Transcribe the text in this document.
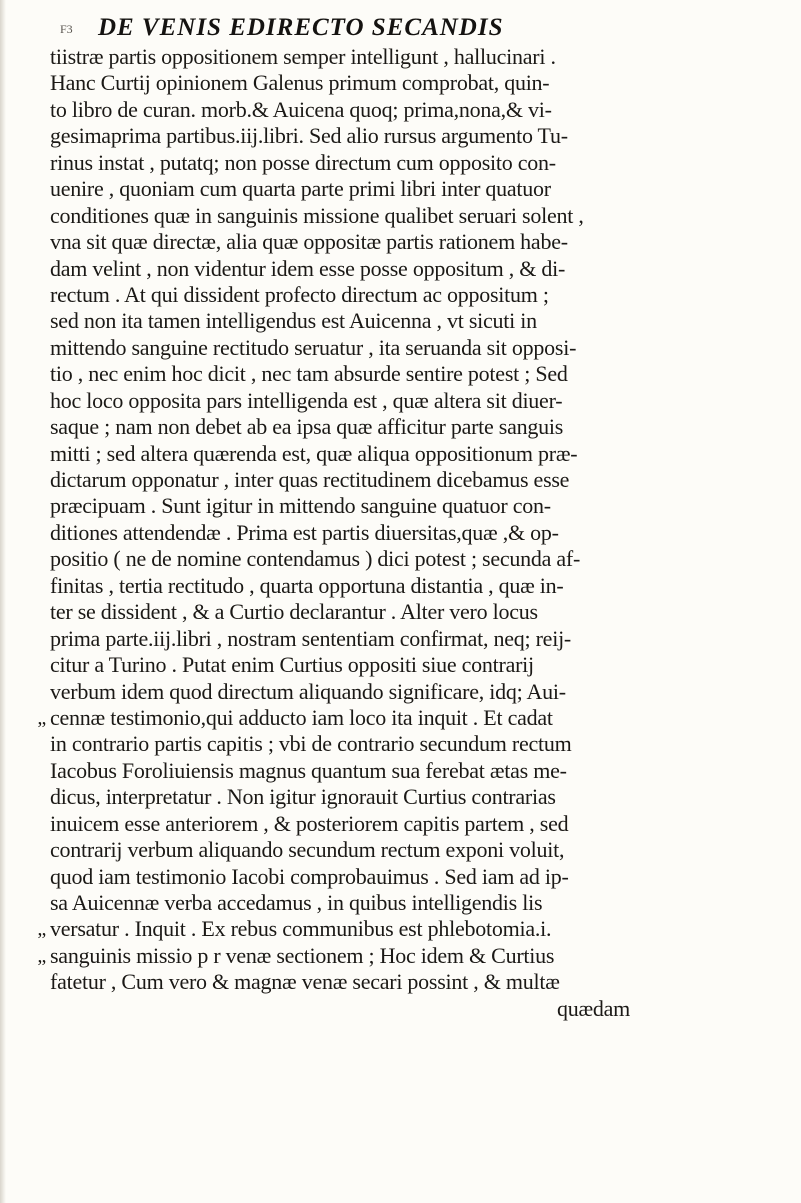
F3 DE VENIS EDIRECTO SECANDIS
tiistræ partis oppositionem semper intelligunt , hallucinari .
Hanc Curtij opinionem Galenus primum comprobat, quin-
to libro de curan. morb.& Auicena quoq; prima,nona,& vi-
gesimaprima partibus.iij.libri. Sed alio rursus argumento Tu-
rinus instat , putatq; non posse directum cum opposito con-
uenire , quoniam cum quarta parte primi libri inter quatuor
conditiones quæ in sanguinis missione qualibet seruari solent ,
vna sit quæ directæ, alia quæ oppositæ partis rationem habe-
dam velint , non videntur idem esse posse oppositum , & di-
rectum . At qui dissident profecto directum ac oppositum ;
sed non ita tamen intelligendus est Auicenna , vt sicuti in
mittendo sanguine rectitudo seruatur , ita seruanda sit opposi-
tio , nec enim hoc dicit , nec tam absurde sentire potest ; Sed
hoc loco opposita pars intelligenda est , quæ altera sit diuer-
saque ; nam non debet ab ea ipsa quæ afficitur parte sanguis
mitti ; sed altera quærenda est, quæ aliqua oppositionum præ-
dictarum opponatur , inter quas rectitudinem dicebamus esse
præcipuam . Sunt igitur in mittendo sanguine quatuor con-
ditiones attendendæ . Prima est partis diuersitas,quæ ,& op-
positio ( ne de nomine contendamus ) dici potest ; secunda af-
finitas , tertia rectitudo , quarta opportuna distantia , quæ in-
ter se dissident , & a Curtio declarantur . Alter vero locus
prima parte.iij.libri , nostram sententiam confirmat, neq; reij-
citur a Turino . Putat enim Curtius oppositi siue contrarij
verbum idem quod directum aliquando significare, idq; Aui-
„ cennæ testimonio,qui adducto iam loco ita inquit . Et cadat
in contrario partis capitis ; vbi de contrario secundum rectum
Iacobus Foroliuiensis magnus quantum sua ferebat ætas me-
dicus, interpretatur . Non igitur ignorauit Curtius contrarias
inuicem esse anteriorem , & posteriorem capitis partem , sed
contrarij verbum aliquando secundum rectum exponi voluit,
quod iam testimonio Iacobi comprobauimus . Sed iam ad ip-
sa Auicennæ verba accedamus , in quibus intelligendis lis
„ versatur . Inquit . Ex rebus communibus est phlebotomia.i.
„ sanguinis missio p r venæ sectionem ; Hoc idem & Curtius
fatetur , Cum vero & magnæ venæ secari possint , & multæ
quædam
